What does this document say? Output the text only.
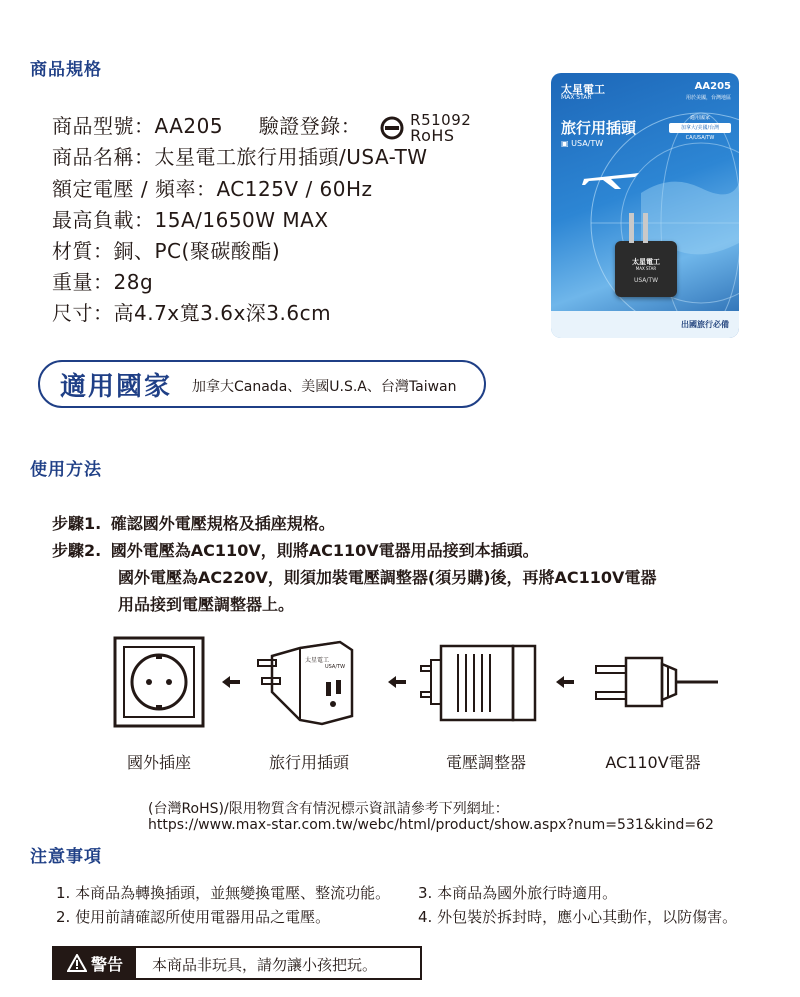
商品規格
商品型號：AA205 驗證登錄：	R51092
RoHS
商品名稱：太星電工旅行用插頭/USA-TW
額定電壓 / 頻率：AC125V / 60Hz
最高負載：15A/1650W MAX
材質：銅、PC(聚碳酸酯)
重量：28g
尺寸：高4.7x寬3.6x深3.6cm
太星電工
MAX STAR
AA205
用於美國，台灣地區
旅行用插頭
適用國家
加拿大/美國/台灣
CA/USA/TW
▣ USA/TW
太星電工
MAX STAR
USA/TW
出國旅行必備
適用國家 加拿大Canada、美國U.S.A、台灣Taiwan
使用方法
步驟1. 確認國外電壓規格及插座規格。
步驟2. 國外電壓為AC110V，則將AC110V電器用品接到本插頭。
國外電壓為AC220V，則須加裝電壓調整器(須另購)後，再將AC110V電器
用品接到電壓調整器上。
太星電工
USA/TW
國外插座	旅行用插頭	電壓調整器	AC110V電器
(台灣RoHS)/限用物質含有情況標示資訊請參考下列網址：
https://www.max-star.com.tw/webc/html/product/show.aspx?num=531&kind=62
注意事項
1. 本商品為轉換插頭，並無變換電壓、整流功能。
2. 使用前請確認所使用電器用品之電壓。
3. 本商品為國外旅行時適用。
4. 外包裝於拆封時，應小心其動作，以防傷害。
警告 本商品非玩具，請勿讓小孩把玩。
